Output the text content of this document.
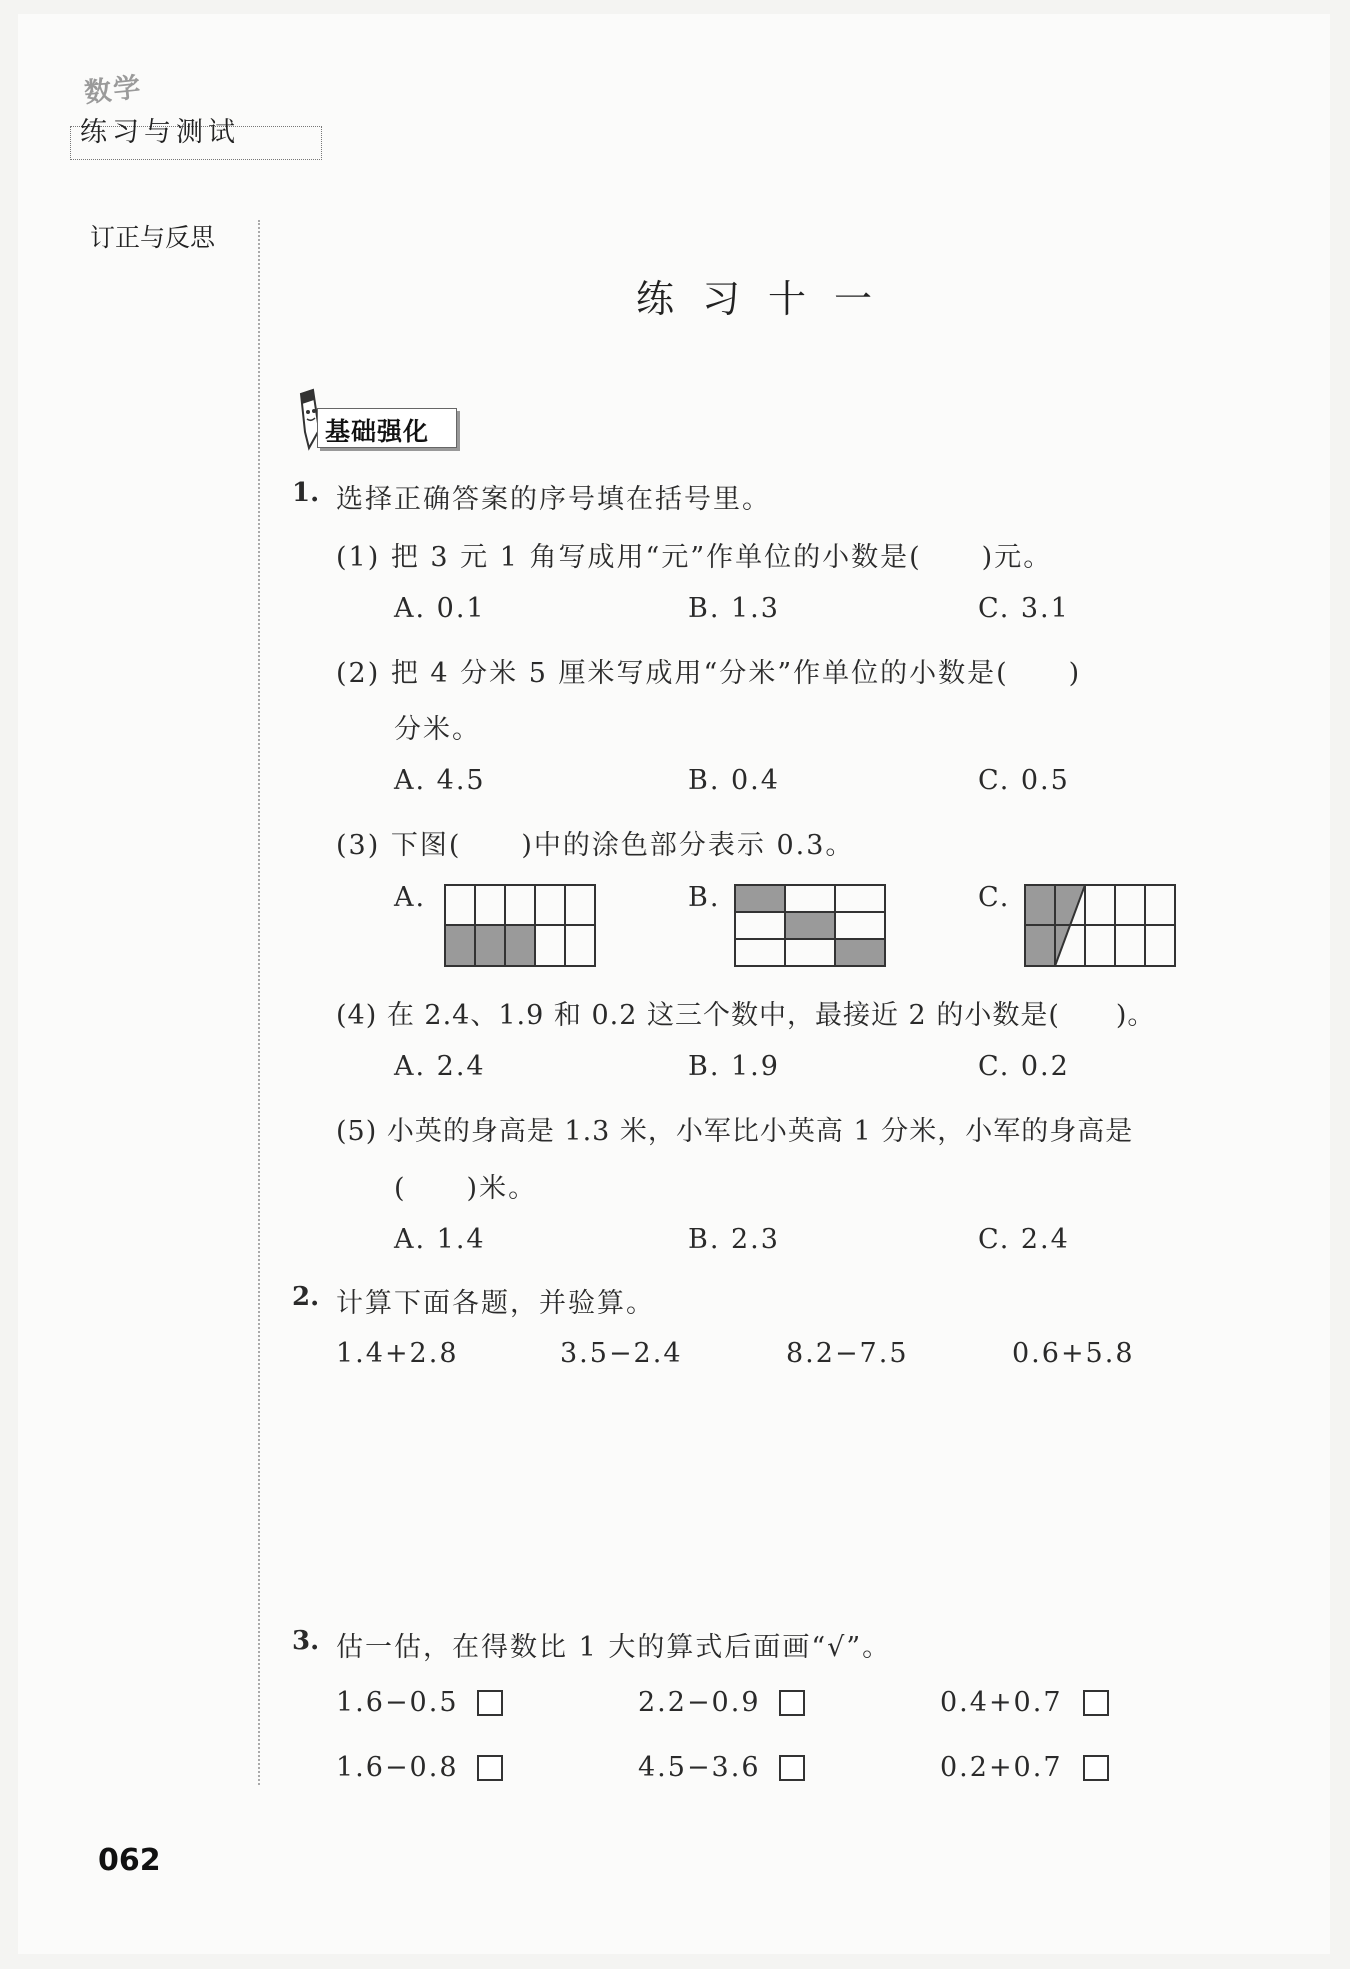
数学
练习与测试
订正与反思
练习十一
基础强化
1. 选择正确答案的序号填在括号里。
(1) 把 3 元 1 角写成用“元”作单位的小数是( )元。
A. 0.1	B. 1.3	C. 3.1
(2) 把 4 分米 5 厘米写成用“分米”作单位的小数是( )
分米。
A. 4.5	B. 0.4	C. 0.5
(3) 下图( )中的涂色部分表示 0.3。
A.	B.	C.
(4) 在 2.4、1.9 和 0.2 这三个数中，最接近 2 的小数是( )。
A. 2.4	B. 1.9	C. 0.2
(5) 小英的身高是 1.3 米，小军比小英高 1 分米，小军的身高是
( )米。
A. 1.4	B. 2.3	C. 2.4
2. 计算下面各题，并验算。
1.4+2.8	3.5−2.4	8.2−7.5	0.6+5.8
3. 估一估，在得数比 1 大的算式后面画“√”。
1.6−0.5	2.2−0.9	0.4+0.7
1.6−0.8	4.5−3.6	0.2+0.7
062
